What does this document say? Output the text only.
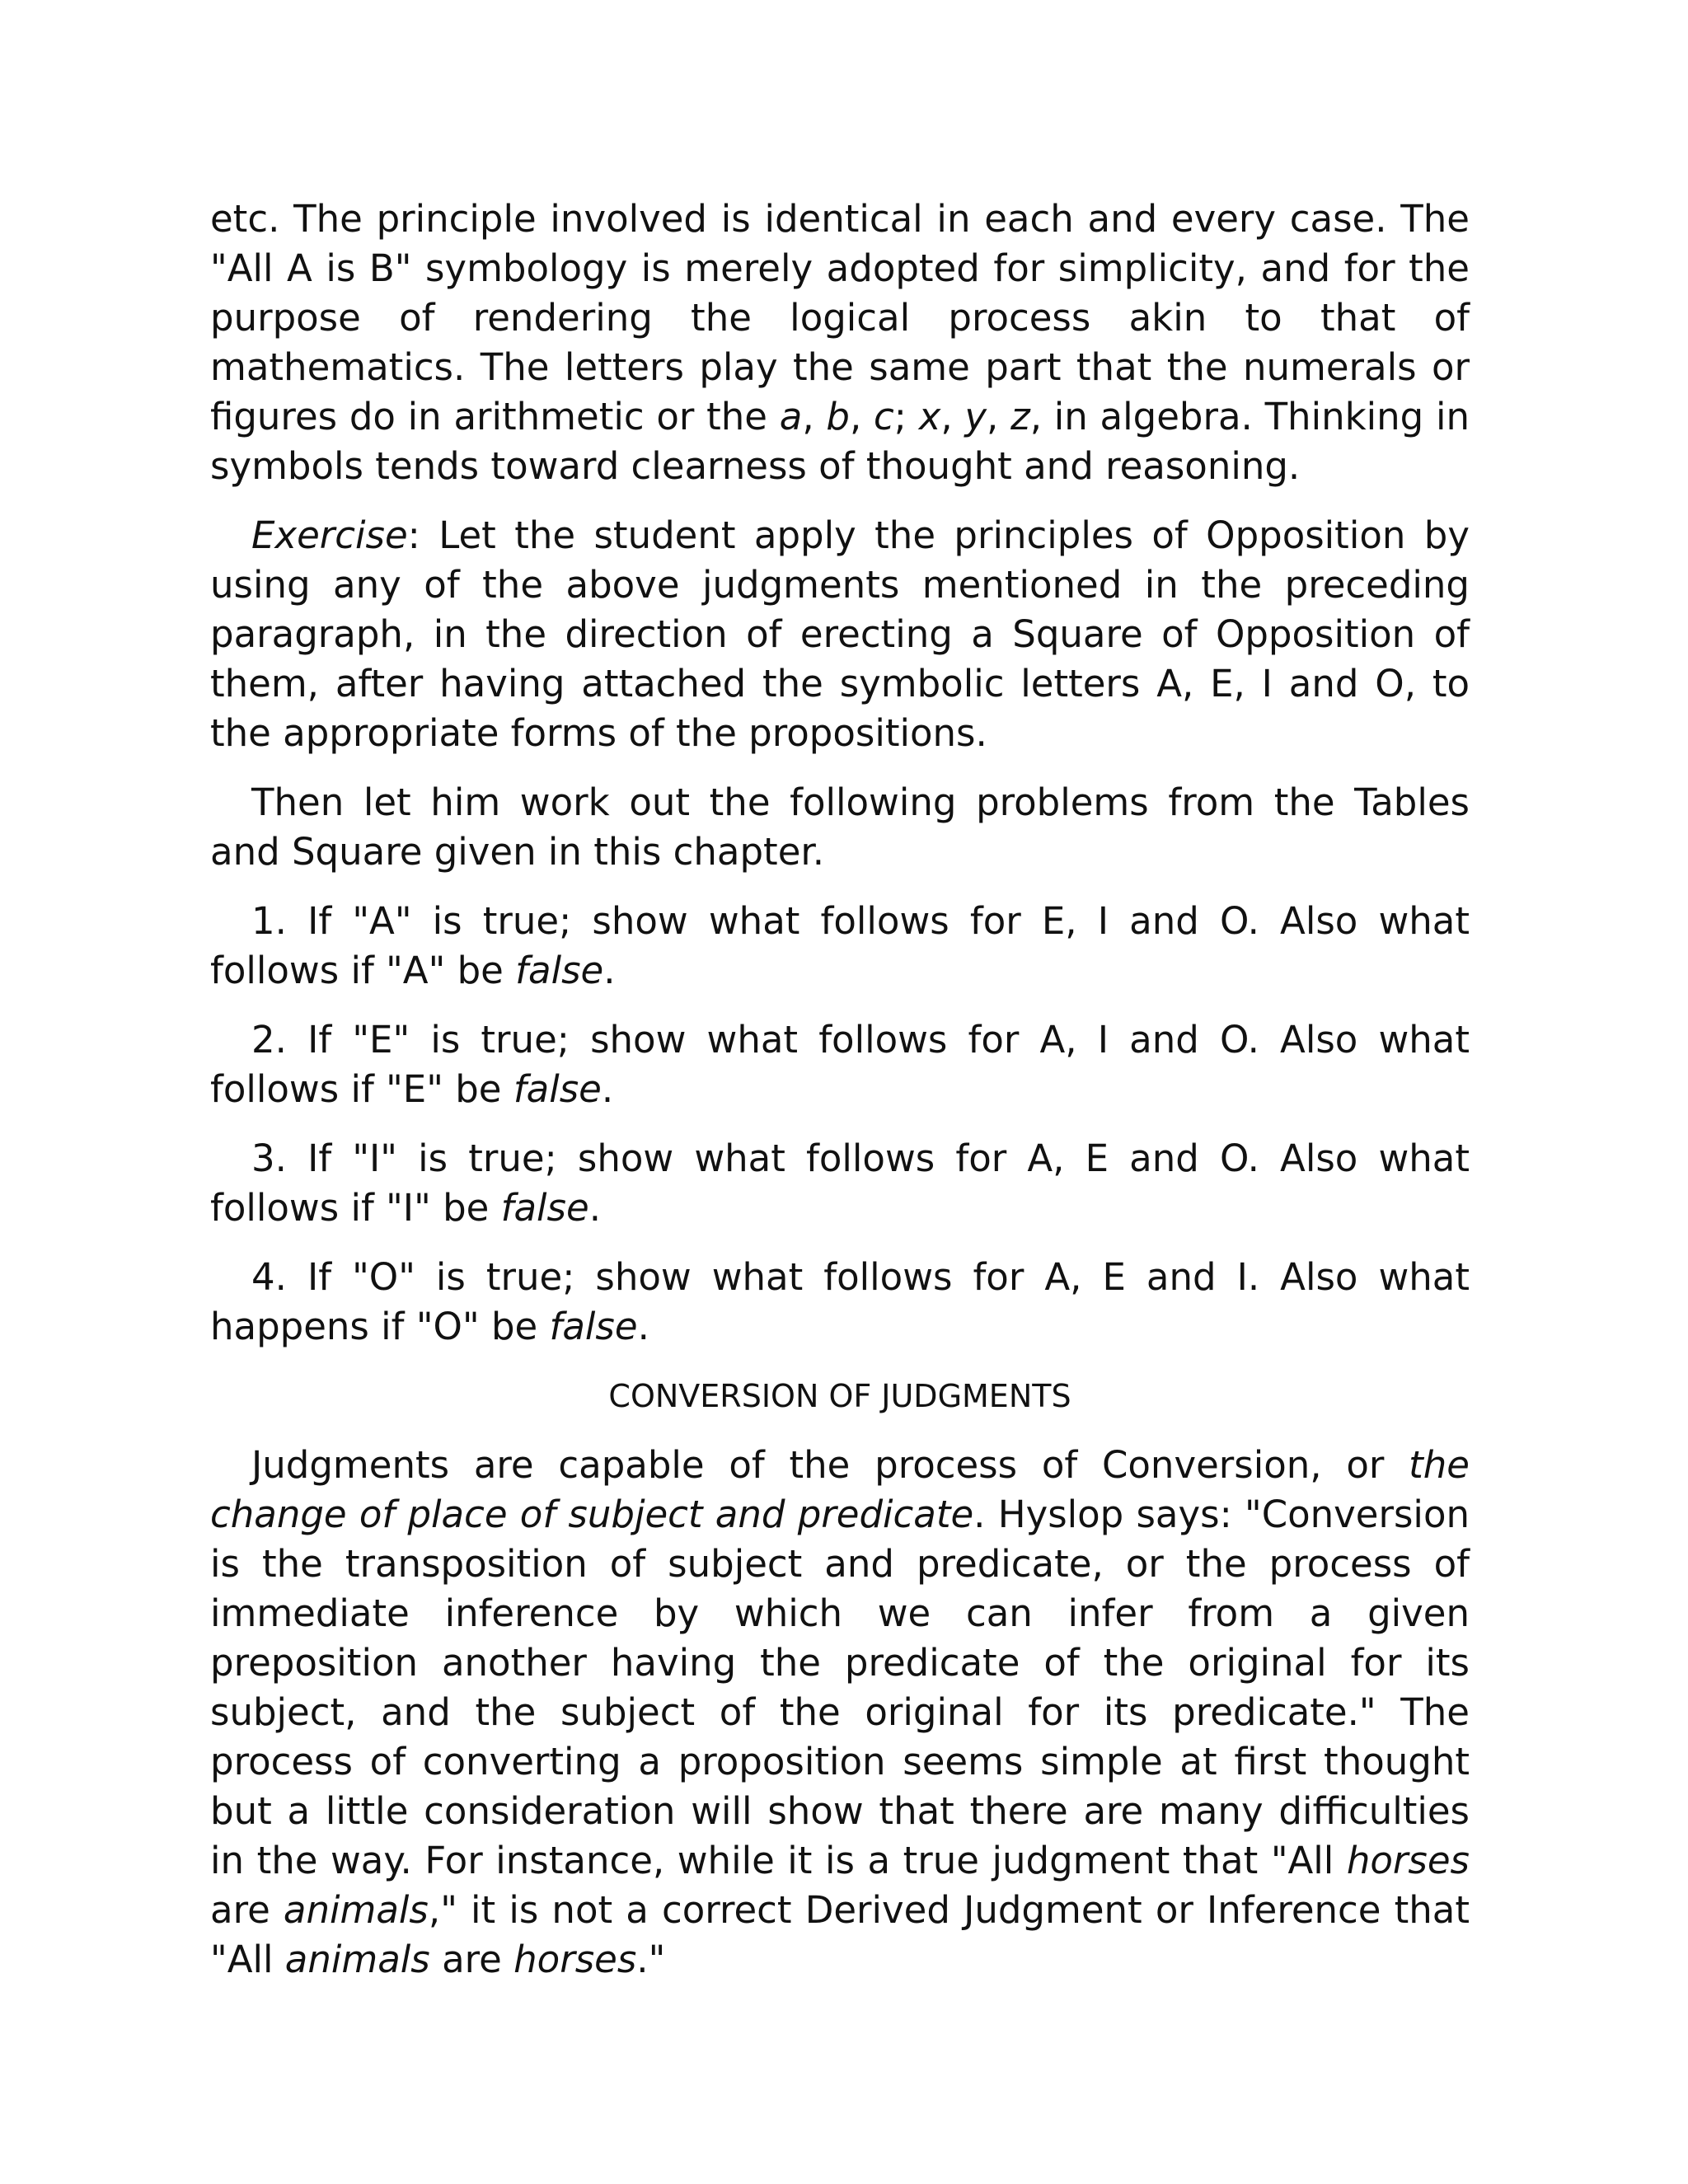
etc. The principle involved is identical in each and every case. The "All A is B" symbology is merely adopted for simplicity, and for the purpose of rendering the logical process akin to that of mathematics. The letters play the same part that the numerals or figures do in arithmetic or the a, b, c; x, y, z, in algebra. Thinking in symbols tends toward clearness of thought and reasoning.

Exercise: Let the student apply the principles of Opposition by using any of the above judgments mentioned in the preceding paragraph, in the direction of erecting a Square of Opposition of them, after having attached the symbolic letters A, E, I and O, to the appropriate forms of the propositions.

Then let him work out the following problems from the Tables and Square given in this chapter.

1. If "A" is true; show what follows for E, I and O. Also what follows if "A" be false.

2. If "E" is true; show what follows for A, I and O. Also what follows if "E" be false.

3. If "I" is true; show what follows for A, E and O. Also what follows if "I" be false.

4. If "O" is true; show what follows for A, E and I. Also what happens if "O" be false.

CONVERSION OF JUDGMENTS

Judgments are capable of the process of Conversion, or the change of place of subject and predicate. Hyslop says: "Conversion is the transposition of subject and predicate, or the process of immediate inference by which we can infer from a given preposition another having the predicate of the original for its subject, and the subject of the original for its predicate." The process of converting a proposition seems simple at first thought but a little consideration will show that there are many difficulties in the way. For instance, while it is a true judgment that "All horses are animals," it is not a correct Derived Judgment or Inference that "All animals are horses."
